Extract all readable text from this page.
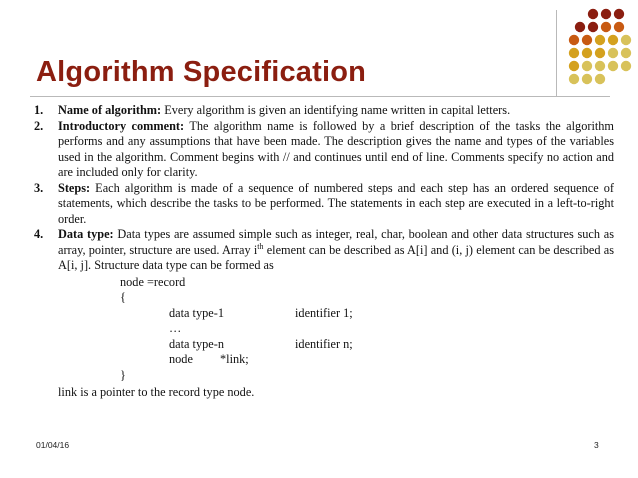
Algorithm Specification
1. Name of algorithm: Every algorithm is given an identifying name written in capital letters.
2. Introductory comment: The algorithm name is followed by a brief description of the tasks the algorithm performs and any assumptions that have been made. The description gives the name and types of the variables used in the algorithm. Comment begins with // and continues until end of line. Comments specify no action and are included only for clarity.
3. Steps: Each algorithm is made of a sequence of numbered steps and each step has an ordered sequence of statements, which describe the tasks to be performed. The statements in each step are executed in a left-to-right order.
4. Data type: Data types are assumed simple such as integer, real, char, boolean and other data structures such as array, pointer, structure are used. Array $i^{th}$ element can be described as A[i] and (i, j) element can be described as A[i, j]. Structure data type can be formed as
node =record
{
data type-1	identifier 1;
…
data type-n	identifier n;
node *link;
}
link is a pointer to the record type node.
01/04/16	3
